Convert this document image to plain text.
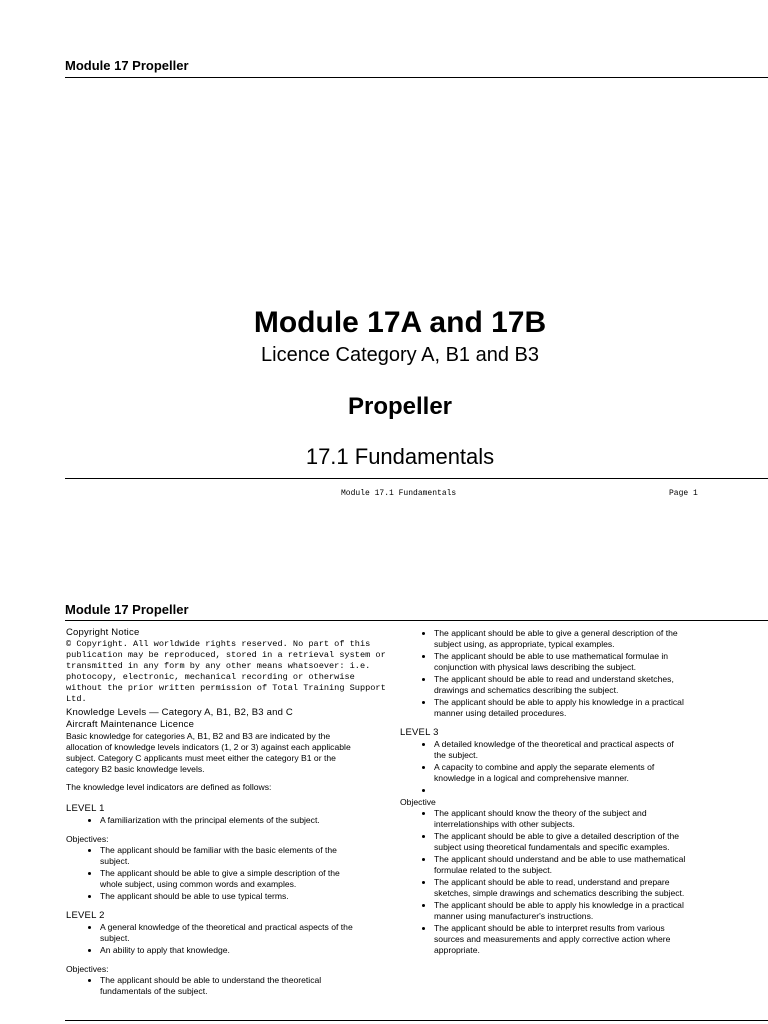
Module 17 Propeller
Module 17A and 17B
Licence Category A, B1 and B3
Propeller
17.1 Fundamentals
Module 17.1 Fundamentals	Page 1
Module 17 Propeller
Copyright Notice
© Copyright. All worldwide rights reserved. No part of this
publication may be reproduced, stored in a retrieval system or
transmitted in any form by any other means whatsoever: i.e.
photocopy, electronic, mechanical recording or otherwise
without the prior written permission of Total Training Support
Ltd.
Knowledge Levels — Category A, B1, B2, B3 and C
Aircraft Maintenance Licence
Basic knowledge for categories A, B1, B2 and B3 are indicated by the
allocation of knowledge levels indicators (1, 2 or 3) against each applicable
subject. Category C applicants must meet either the category B1 or the
category B2 basic knowledge levels.
The knowledge level indicators are defined as follows:
LEVEL 1
• A familiarization with the principal elements of the subject.
Objectives:
• The applicant should be familiar with the basic elements of the
subject.
• The applicant should be able to give a simple description of the
whole subject, using common words and examples.
• The applicant should be able to use typical terms.
LEVEL 2
• A general knowledge of the theoretical and practical aspects of the
subject.
• An ability to apply that knowledge.
Objectives:
• The applicant should be able to understand the theoretical
fundamentals of the subject.
• The applicant should be able to give a general description of the
subject using, as appropriate, typical examples.
• The applicant should be able to use mathematical formulae in
conjunction with physical laws describing the subject.
• The applicant should be able to read and understand sketches,
drawings and schematics describing the subject.
• The applicant should be able to apply his knowledge in a practical
manner using detailed procedures.
LEVEL 3
• A detailed knowledge of the theoretical and practical aspects of
the subject.
• A capacity to combine and apply the separate elements of
knowledge in a logical and comprehensive manner.
•
Objective
• The applicant should know the theory of the subject and
interrelationships with other subjects.
• The applicant should be able to give a detailed description of the
subject using theoretical fundamentals and specific examples.
• The applicant should understand and be able to use mathematical
formulae related to the subject.
• The applicant should be able to read, understand and prepare
sketches, simple drawings and schematics describing the subject.
• The applicant should be able to apply his knowledge in a practical
manner using manufacturer's instructions.
• The applicant should be able to interpret results from various
sources and measurements and apply corrective action where
appropriate.
